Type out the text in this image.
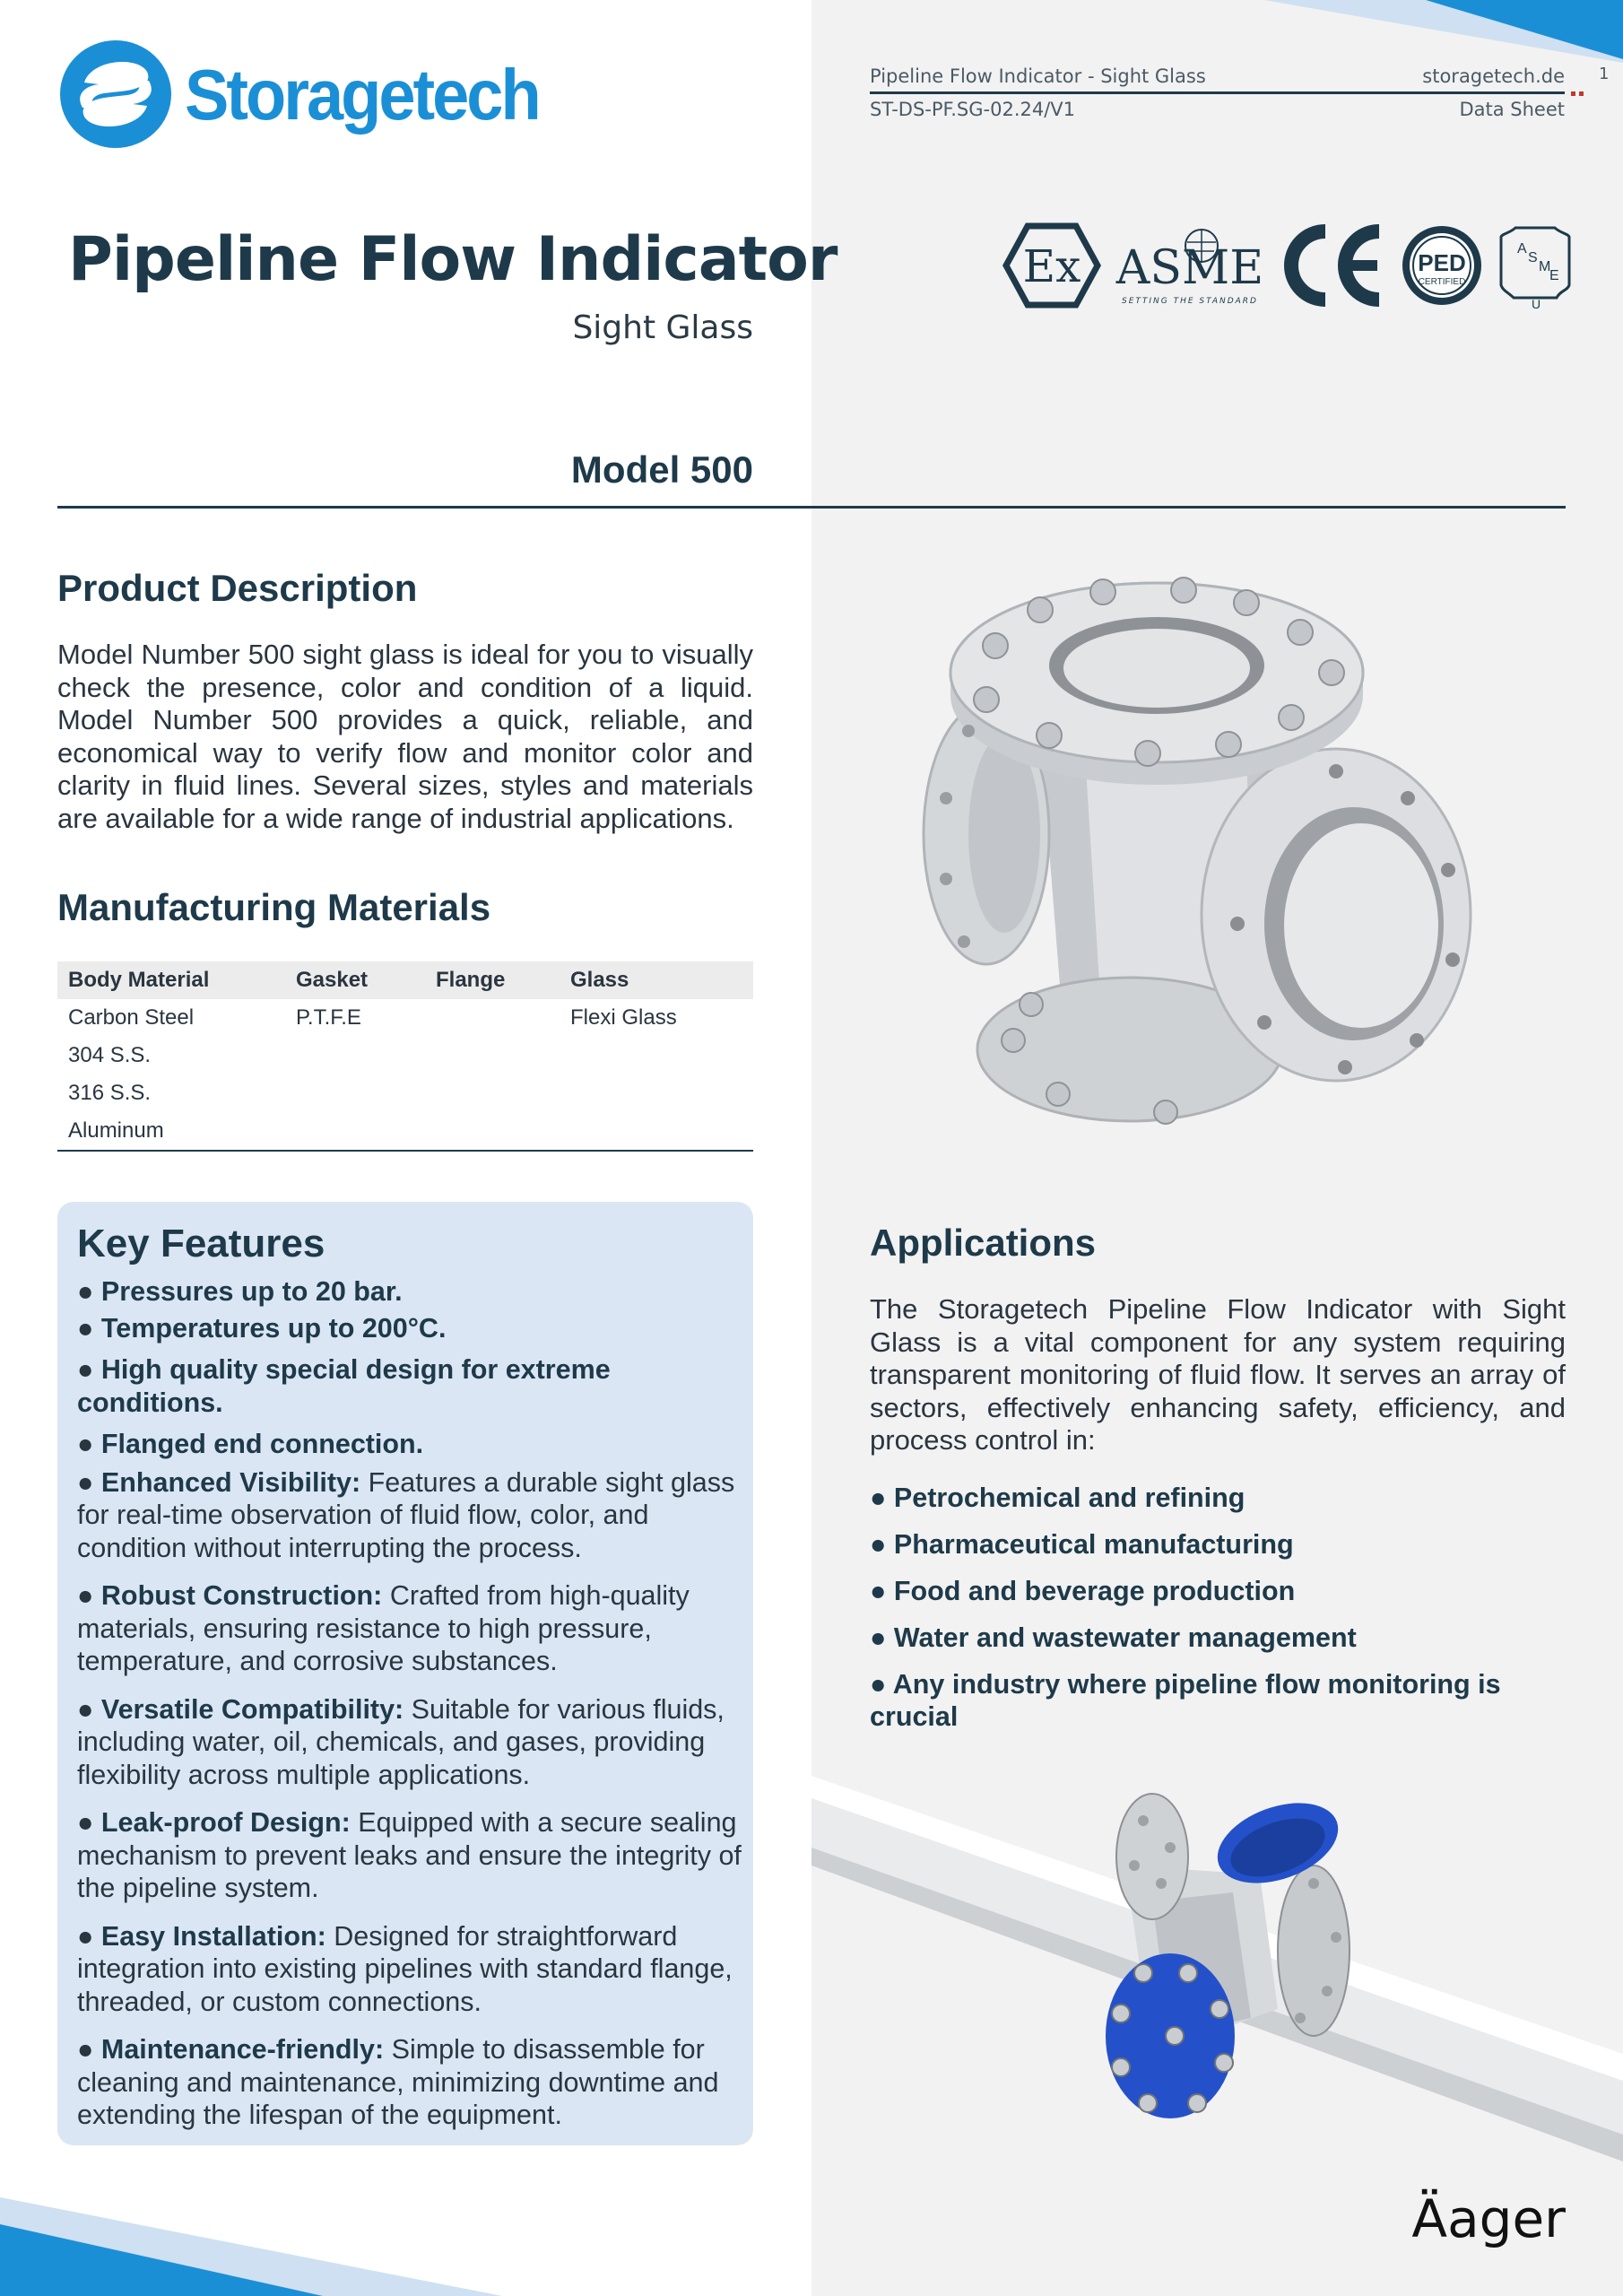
Storagetech	Pipeline Flow Indicator - Sight Glass	storagetech.de
ST-DS-PF.SG-02.24/V1	Data Sheet
1
Pipeline Flow Indicator
Sight Glass
Model 500
Ex ASME
SETTING THE STANDARD
PED
CERTIFIED
A
S
M
E
U
Product Description

Model Number 500 sight glass is ideal for you to visually check the presence, color and condition of a liquid. Model Number 500 provides a quick, reliable, and economical way to verify flow and monitor color and clarity in fluid lines. Several sizes, styles and materials are available for a wide range of industrial applications.

Manufacturing Materials
Body Material	Gasket	Flange	Glass
Carbon Steel	P.T.F.E		Flexi Glass
304 S.S.			
316 S.S.			
Aluminum			
Key Features
● Pressures up to 20 bar.
● Temperatures up to 200°C.
● High quality special design for extreme conditions.
● Flanged end connection.
● Enhanced Visibility: Features a durable sight glass for real-time observation of fluid flow, color, and condition without interrupting the process.
● Robust Construction: Crafted from high-quality materials, ensuring resistance to high pressure, temperature, and corrosive substances.
● Versatile Compatibility: Suitable for various fluids, including water, oil, chemicals, and gases, providing flexibility across multiple applications.
● Leak-proof Design: Equipped with a secure sealing mechanism to prevent leaks and ensure the integrity of the pipeline system.
● Easy Installation: Designed for straightforward integration into existing pipelines with standard flange, threaded, or custom connections.
● Maintenance-friendly: Simple to disassemble for cleaning and maintenance, minimizing downtime and extending the lifespan of the equipment.
Applications

The Storagetech Pipeline Flow Indicator with Sight Glass is a vital component for any system requiring transparent monitoring of fluid flow. It serves an array of sectors, effectively enhancing safety, efficiency, and process control in:

● Petrochemical and refining
● Pharmaceutical manufacturing
● Food and beverage production
● Water and wastewater management
● Any industry where pipeline flow monitoring is crucial
Äager
